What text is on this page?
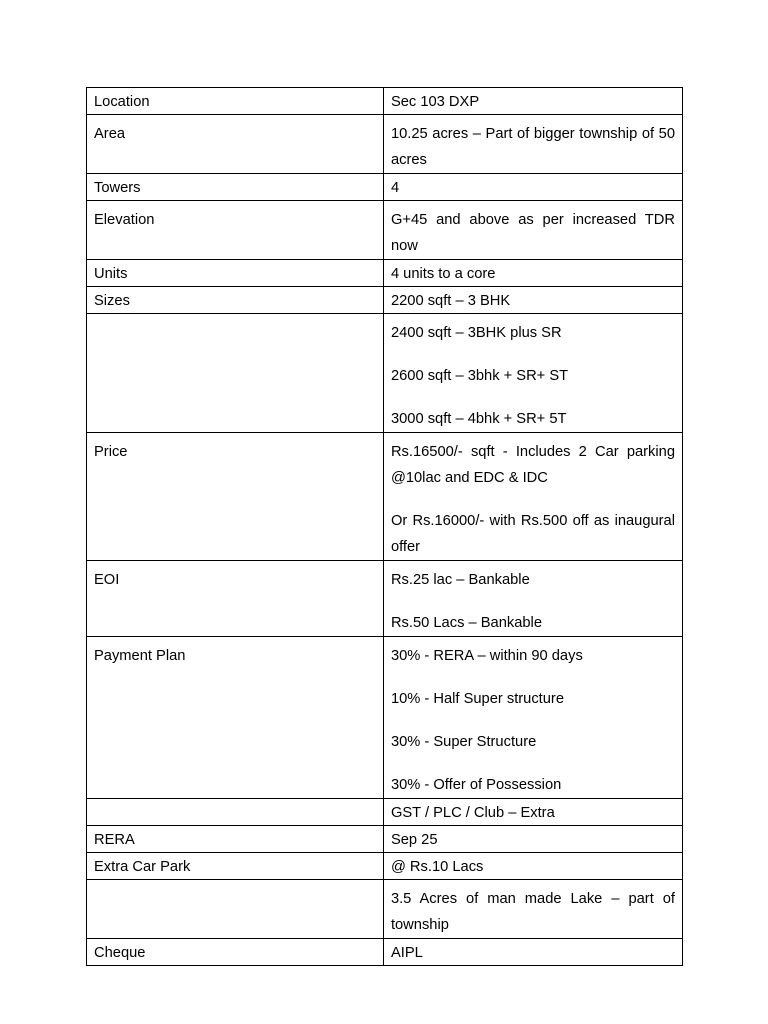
Location	Sec 103 DXP

Area	10.25 acres – Part of bigger township of 50 acres

Towers	4

Elevation	G+45 and above as per increased TDR now

Units	4 units to a core

Sizes	2200 sqft – 3 BHK

	2400 sqft – 3BHK plus SR
2600 sqft – 3bhk + SR+ ST
3000 sqft – 4bhk + SR+ 5T

Price	Rs.16500/- sqft - Includes 2 Car parking @10lac and EDC & IDC
Or Rs.16000/- with Rs.500 off as inaugural offer

EOI	Rs.25 lac – Bankable
Rs.50 Lacs – Bankable

Payment Plan	30% - RERA – within 90 days
10% - Half Super structure
30% - Super Structure
30% - Offer of Possession

	GST / PLC / Club – Extra

RERA	Sep 25

Extra Car Park	@ Rs.10 Lacs

	3.5 Acres of man made Lake – part of township

Cheque	AIPL
